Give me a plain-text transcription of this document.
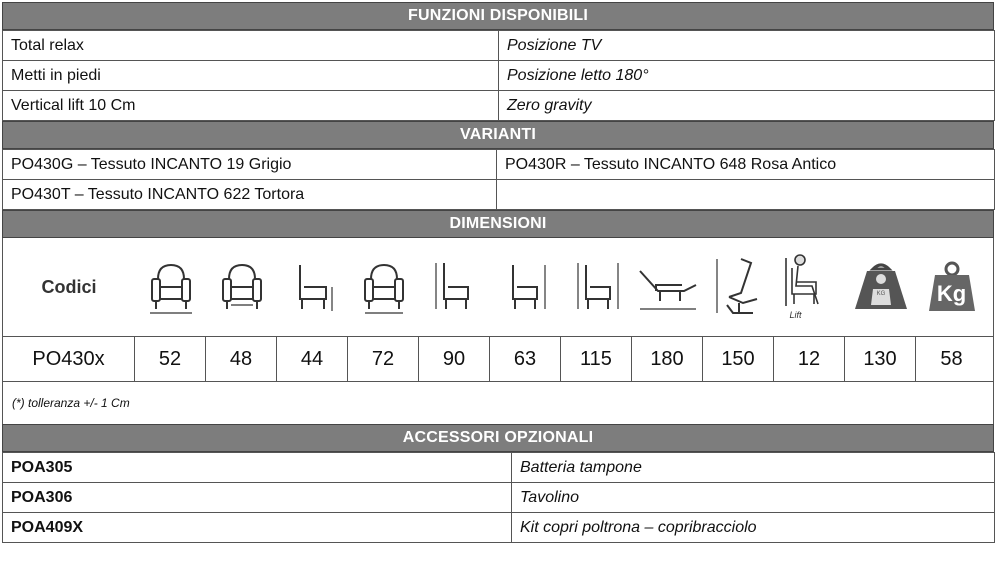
FUNZIONI DISPONIBILI
Total relax	Posizione TV
Metti in piedi	Posizione letto 180°
Vertical lift 10 Cm	Zero gravity
VARIANTI
PO430G – Tessuto INCANTO 19 Grigio	PO430R – Tessuto INCANTO 648 Rosa Antico
PO430T – Tessuto INCANTO 622 Tortora	
DIMENSIONI
Codici
Lift
KG	Kg
PO430x	52	48	44	72	90	63	115	180	150	12	130	58
(*) tolleranza +/- 1 Cm
ACCESSORI OPZIONALI
POA305	Batteria tampone
POA306	Tavolino
POA409X	Kit copri poltrona – copribracciolo
